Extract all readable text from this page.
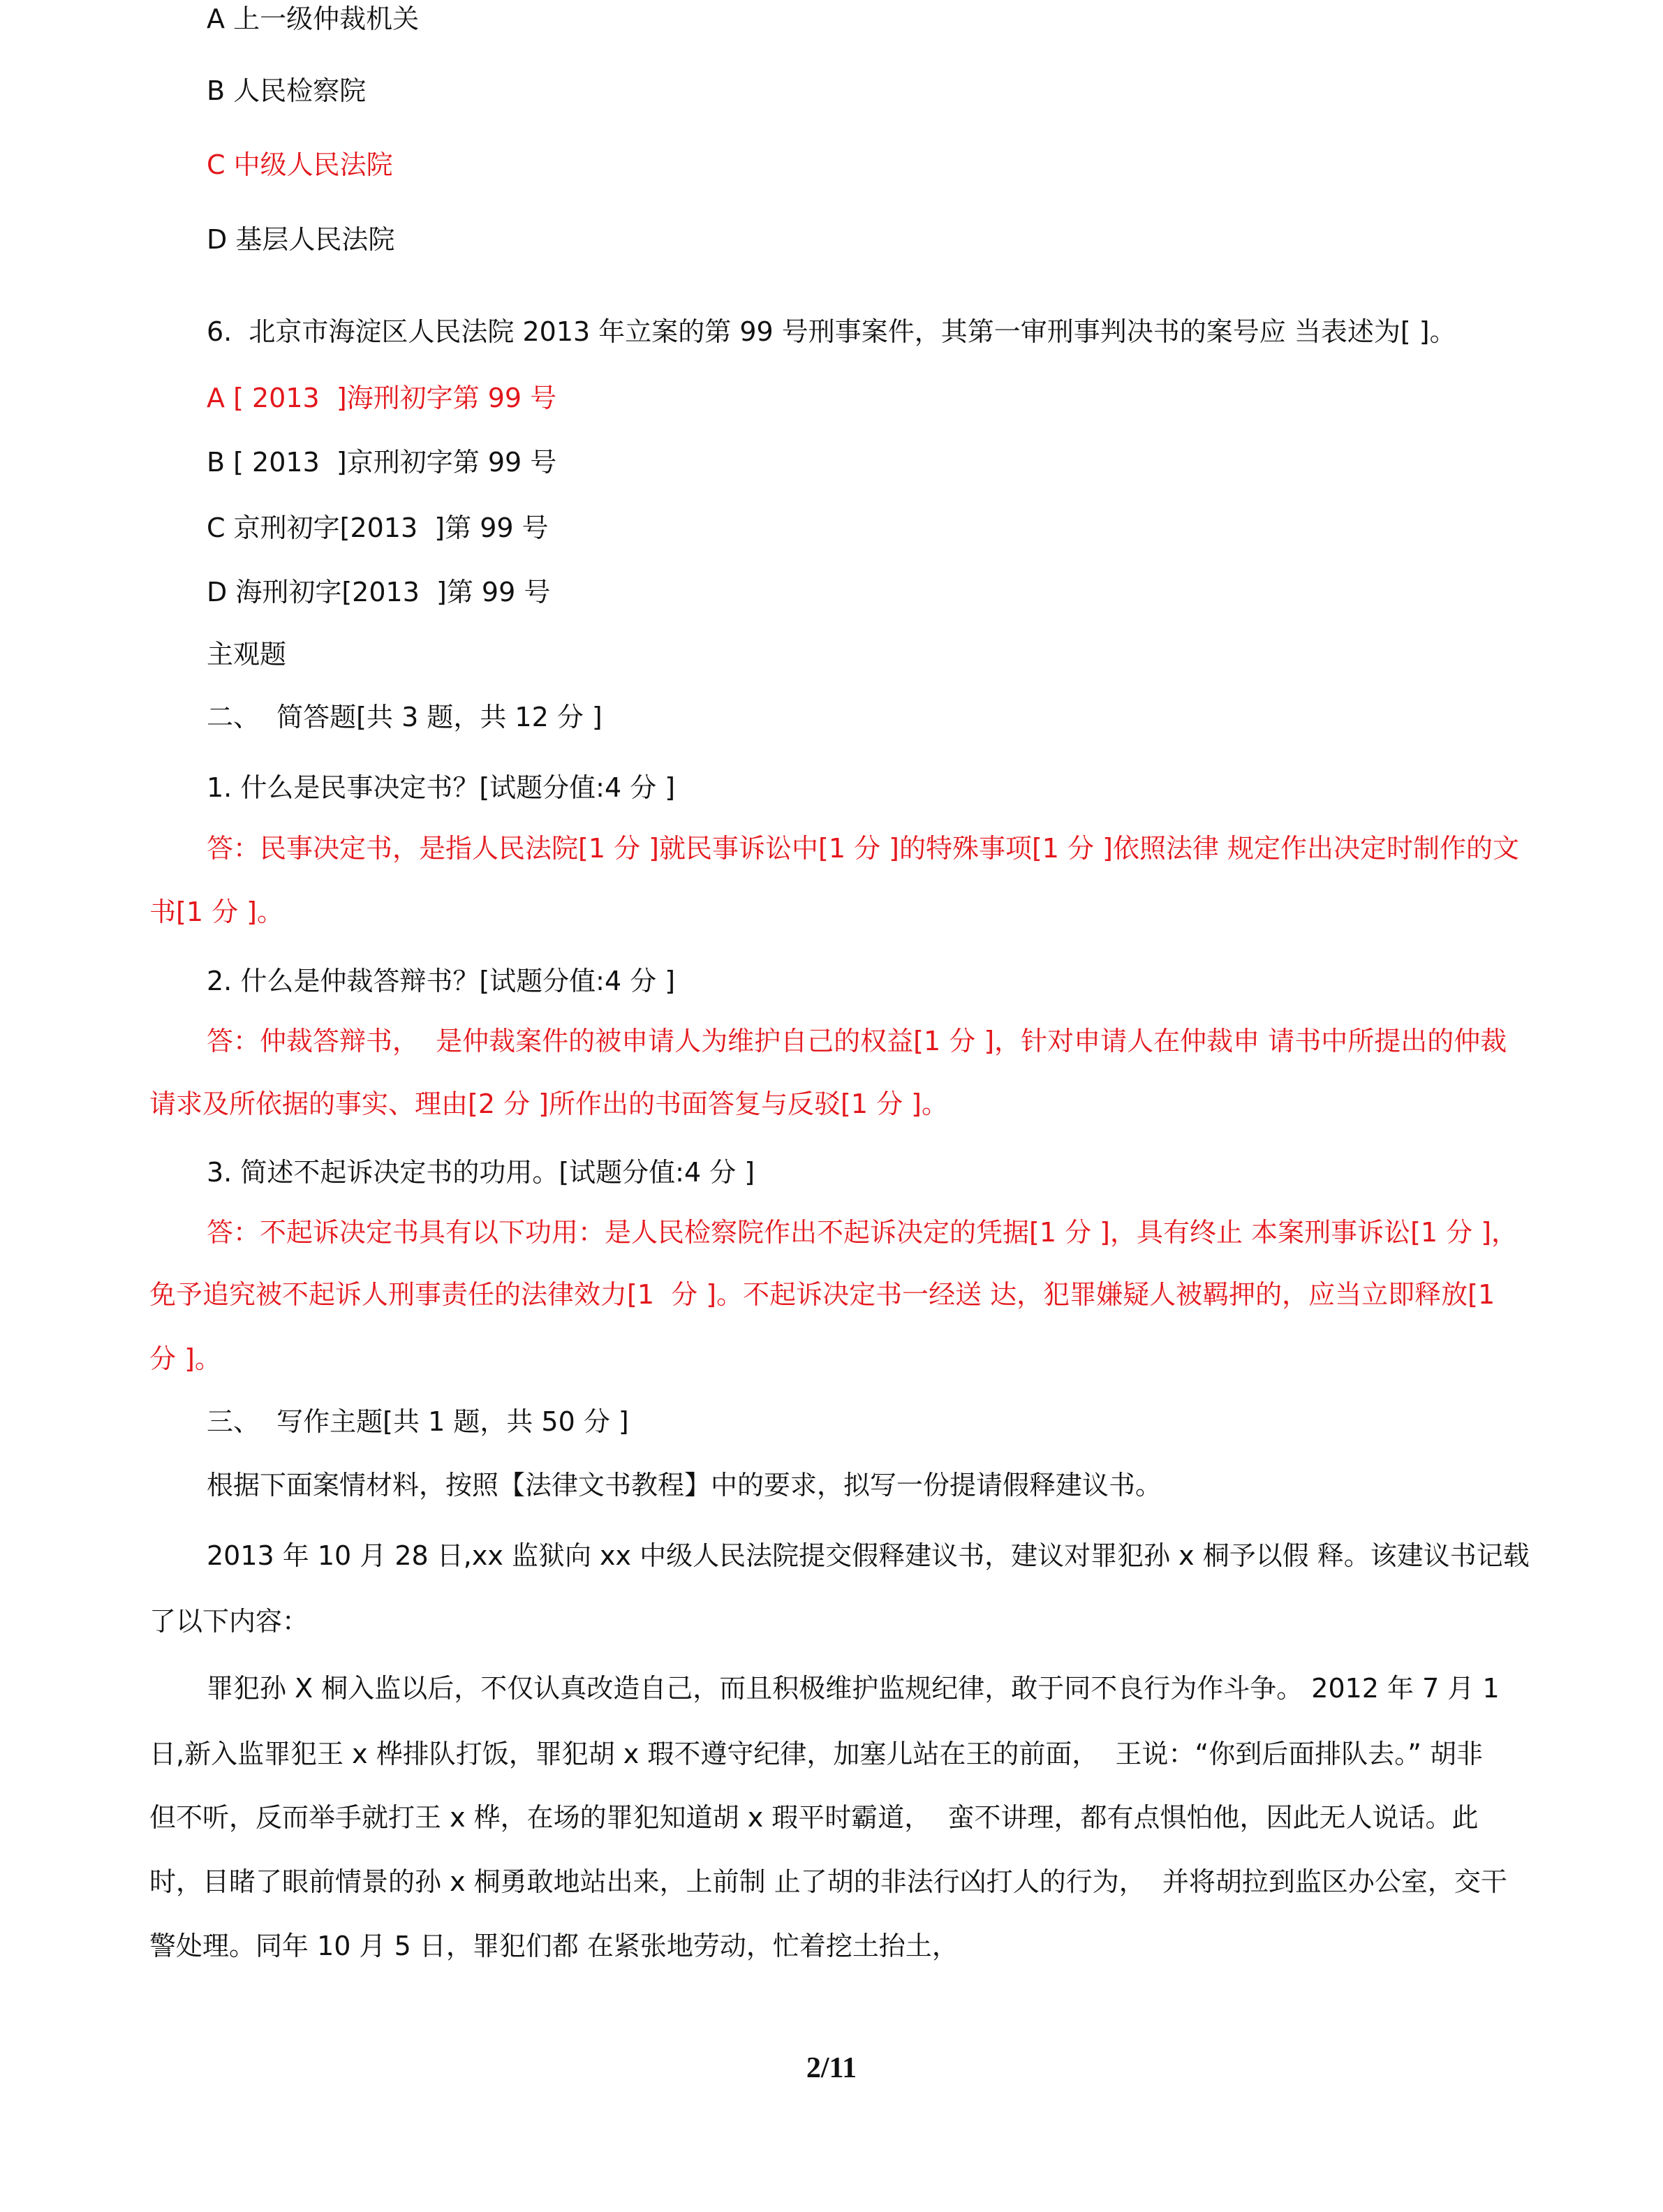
A 上一级仲裁机关
B 人民检察院
C 中级人民法院
D 基层人民法院
6.  北京市海淀区人民法院 2013 年立案的第 99 号刑事案件，其第一审刑事判决书的案号应 当表述为[ ]。
A [ 2013  ]海刑初字第 99 号
B [ 2013  ]京刑初字第 99 号
C 京刑初字[2013  ]第 99 号
D 海刑初字[2013  ]第 99 号
主观题
二、  简答题[共 3 题，共 12 分 ]
1. 什么是民事决定书？[试题分值:4 分 ]
答：民事决定书，是指人民法院[1 分 ]就民事诉讼中[1 分 ]的特殊事项[1 分 ]依照法律 规定作出决定时制作的文
书[1 分 ]。
2. 什么是仲裁答辩书？[试题分值:4 分 ]
答：仲裁答辩书，  是仲裁案件的被申请人为维护自己的权益[1 分 ]，针对申请人在仲裁申 请书中所提出的仲裁
请求及所依据的事实、理由[2 分 ]所作出的书面答复与反驳[1 分 ]。
3. 简述不起诉决定书的功用。[试题分值:4 分 ]
答：不起诉决定书具有以下功用：是人民检察院作出不起诉决定的凭据[1 分 ]，具有终止 本案刑事诉讼[1 分 ]，
免予追究被不起诉人刑事责任的法律效力[1  分 ]。不起诉决定书一经送 达，犯罪嫌疑人被羁押的，应当立即释放[1
分 ]。
三、  写作主题[共 1 题，共 50 分 ]
根据下面案情材料，按照【法律文书教程】中的要求，拟写一份提请假释建议书。
2013 年 10 月 28 日,xx 监狱向 xx 中级人民法院提交假释建议书，建议对罪犯孙 x 桐予以假 释。该建议书记载
了以下内容：
罪犯孙 X 桐入监以后，不仅认真改造自己，而且积极维护监规纪律，敢于同不良行为作斗争。 2012 年 7 月 1
日,新入监罪犯王 x 桦排队打饭，罪犯胡 x 瑕不遵守纪律，加塞儿站在王的前面，  王说：“你到后面排队去。” 胡非
但不听，反而举手就打王 x 桦，在场的罪犯知道胡 x 瑕平时霸道，  蛮不讲理，都有点惧怕他，因此无人说话。此
时，目睹了眼前情景的孙 x 桐勇敢地站出来，上前制 止了胡的非法行凶打人的行为，  并将胡拉到监区办公室，交干
警处理。同年 10 月 5 日，罪犯们都 在紧张地劳动，忙着挖土抬土，
2/11
